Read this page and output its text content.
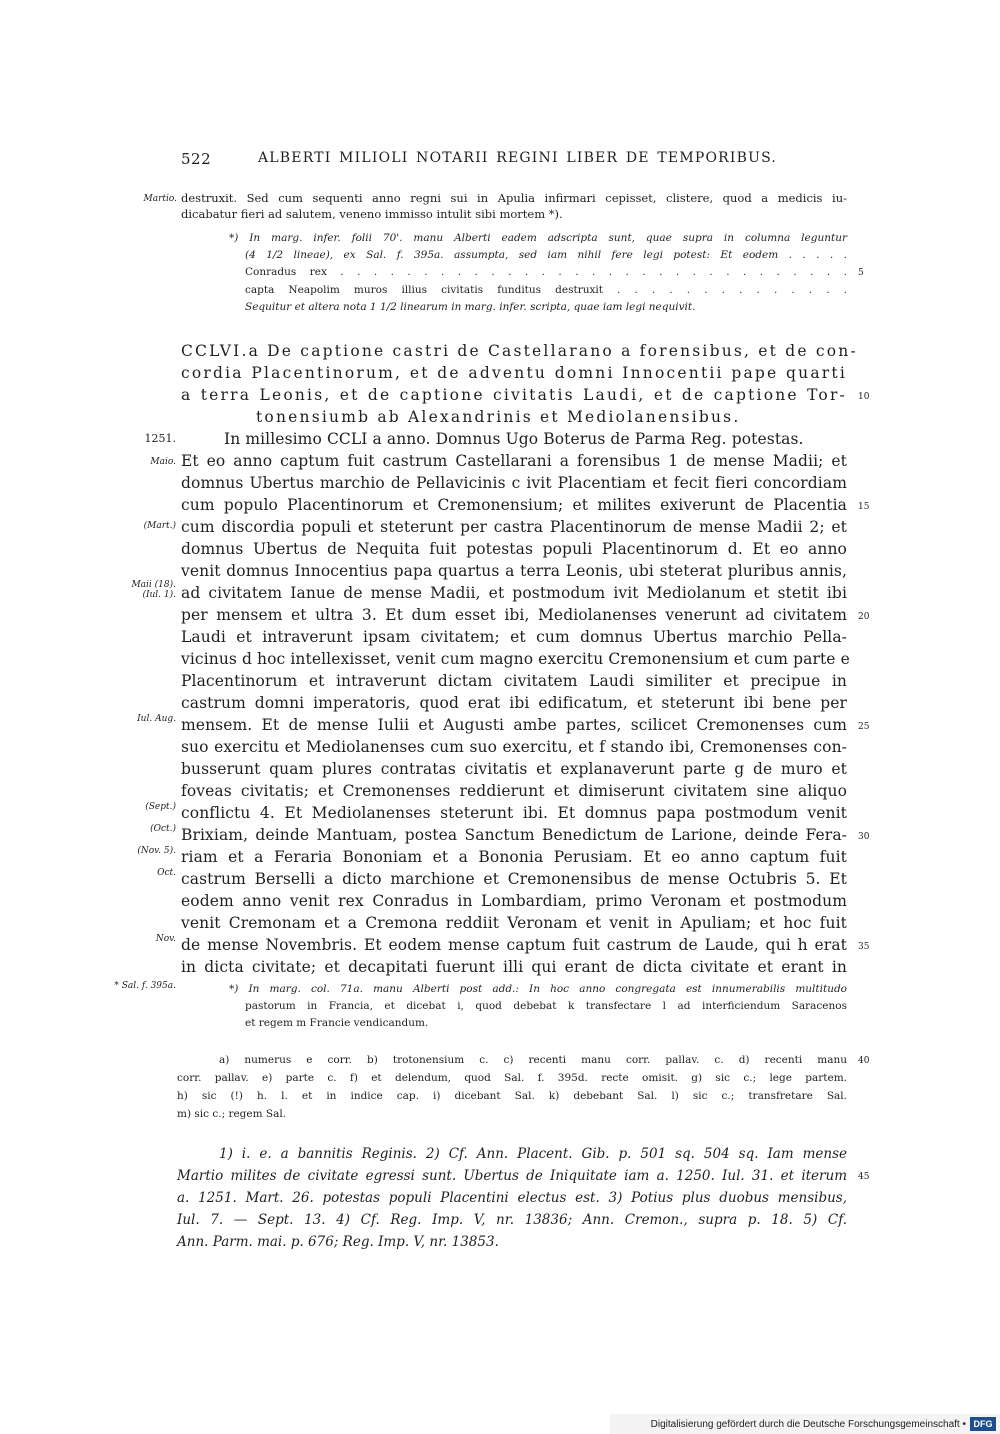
522	ALBERTI MILIOLI NOTARII REGINI LIBER DE TEMPORIBUS.
Martio. destruxit. Sed cum sequenti anno regni sui in Apulia infirmari cepisset, clistere, quod a medicis iu-
dicabatur fieri ad salutem, veneno immisso intulit sibi mortem *).
*) In marg. infer. folii 70'. manu Alberti eadem adscripta sunt, quae supra in columna leguntur
(4 1/2 lineae), ex Sal. f. 395a. assumpta, sed iam nihil fere legi potest: Et eodem . . . . .
Conradus rex . . . . . . . . . . . . . . . . . . . . . . . . . . . . . . . 5
capta Neapolim muros illius civitatis funditus destruxit . . . . . . . . . . . . . .
Sequitur et altera nota 1 1/2 linearum in marg. infer. scripta, quae iam legi nequivit.
CCLVI.a De captione castri de Castellarano a forensibus, et de con-
cordia Placentinorum, et de adventu domni Innocentii pape quarti
a terra Leonis, et de captione civitatis Laudi, et de captione Tor- 10
tonensiumb ab Alexandrinis et Mediolanensibus.
1251.
Maio.
(Mart.)
Maii (18).
(Iul. 1).
Iul. Aug.
(Sept.)
(Oct.)
(Nov. 5).
Oct.
Nov.
* Sal. f. 395a.
In millesimo CCLI a anno. Domnus Ugo Boterus de Parma Reg. potestas.
Et eo anno captum fuit castrum Castellarani a forensibus 1 de mense Madii; et
domnus Ubertus marchio de Pellavicinis c ivit Placentiam et fecit fieri concordiam
cum populo Placentinorum et Cremonensium; et milites exiverunt de Placentia 15
cum discordia populi et steterunt per castra Placentinorum de mense Madii 2; et
domnus Ubertus de Nequita fuit potestas populi Placentinorum d. Et eo anno
venit domnus Innocentius papa quartus a terra Leonis, ubi steterat pluribus annis,
ad civitatem Ianue de mense Madii, et postmodum ivit Mediolanum et stetit ibi
per mensem et ultra 3. Et dum esset ibi, Mediolanenses venerunt ad civitatem 20
Laudi et intraverunt ipsam civitatem; et cum domnus Ubertus marchio Pella-
vicinus d hoc intellexisset, venit cum magno exercitu Cremonensium et cum parte e
Placentinorum et intraverunt dictam civitatem Laudi similiter et precipue in
castrum domni imperatoris, quod erat ibi edificatum, et steterunt ibi bene per
mensem. Et de mense Iulii et Augusti ambe partes, scilicet Cremonenses cum 25
suo exercitu et Mediolanenses cum suo exercitu, et f stando ibi, Cremonenses con-
busserunt quam plures contratas civitatis et explanaverunt parte g de muro et
foveas civitatis; et Cremonenses reddierunt et dimiserunt civitatem sine aliquo
conflictu 4. Et Mediolanenses steterunt ibi. Et domnus papa postmodum venit
Brixiam, deinde Mantuam, postea Sanctum Benedictum de Larione, deinde Fera- 30
riam et a Feraria Bononiam et a Bononia Perusiam. Et eo anno captum fuit
castrum Berselli a dicto marchione et Cremonensibus de mense Octubris 5. Et
eodem anno venit rex Conradus in Lombardiam, primo Veronam et postmodum
venit Cremonam et a Cremona reddiit Veronam et venit in Apuliam; et hoc fuit
de mense Novembris. Et eodem mense captum fuit castrum de Laude, qui h erat 35
in dicta civitate; et decapitati fuerunt illi qui erant de dicta civitate et erant in
*) In marg. col. 71a. manu Alberti post add.: In hoc anno congregata est innumerabilis multitudo
pastorum in Francia, et dicebat i, quod debebat k transfectare l ad interficiendum Saracenos
et regem m Francie vendicandum.
a) numerus e corr. b) trotonensium c. c) recenti manu corr. pallav. c. d) recenti manu 40
corr. pallav. e) parte c. f) et delendum, quod Sal. f. 395d. recte omisit. g) sic c.; lege partem.
h) sic (!) h. l. et in indice cap. i) dicebant Sal. k) debebant Sal. l) sic c.; transfretare Sal.
m) sic c.; regem Sal.
1) i. e. a bannitis Reginis. 2) Cf. Ann. Placent. Gib. p. 501 sq. 504 sq. Iam mense
Martio milites de civitate egressi sunt. Ubertus de Iniquitate iam a. 1250. Iul. 31. et iterum 45
a. 1251. Mart. 26. potestas populi Placentini electus est. 3) Potius plus duobus mensibus,
Iul. 7. — Sept. 13. 4) Cf. Reg. Imp. V, nr. 13836; Ann. Cremon., supra p. 18. 5) Cf.
Ann. Parm. mai. p. 676; Reg. Imp. V, nr. 13853.
Digitalisierung gefördert durch die Deutsche Forschungsgemeinschaft • DFG
